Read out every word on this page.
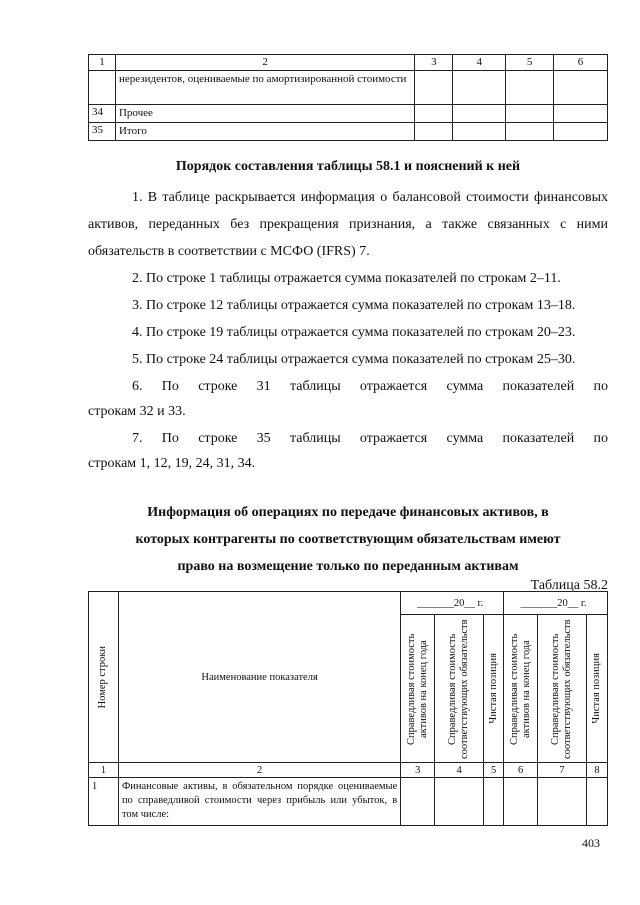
1	2	3	4	5	6
	нерезидентов, оцениваемые по амортизированной стоимости				
34	Прочее				
35	Итого				
Порядок составления таблицы 58.1 и пояснений к ней
1. В таблице раскрывается информация о балансовой стоимости финансовых активов, переданных без прекращения признания, а также связанных с ними обязательств в соответствии с МСФО (IFRS) 7.
2. По строке 1 таблицы отражается сумма показателей по строкам 2–11.
3. По строке 12 таблицы отражается сумма показателей по строкам 13–18.
4. По строке 19 таблицы отражается сумма показателей по строкам 20–23.
5. По строке 24 таблицы отражается сумма показателей по строкам 25–30.
6. По строке 31 таблицы отражается сумма показателей по
строкам 32 и 33.
7. По строке 35 таблицы отражается сумма показателей по
строкам 1, 12, 19, 24, 31, 34.
Информация об операциях по передаче финансовых активов, в
которых контрагенты по соответствующим обязательствам имеют
право на возмещение только по переданным активам
Таблица 58.2
Номер строки	Наименование показателя	_______20__ г.			_______20__ г.		

		Справедливая стоимость активов на конец года	Справедливая стоимость соответствующих обязательств	Чистая позиция	Справедливая стоимость активов на конец года	Справедливая стоимость соответствующих обязательств	Чистая позиция

1	2	3	4	5	6	7	8
1	Финансовые активы, в обязательном порядке оцениваемые по справедливой стоимости через прибыль или убыток, в том числе:						
403
